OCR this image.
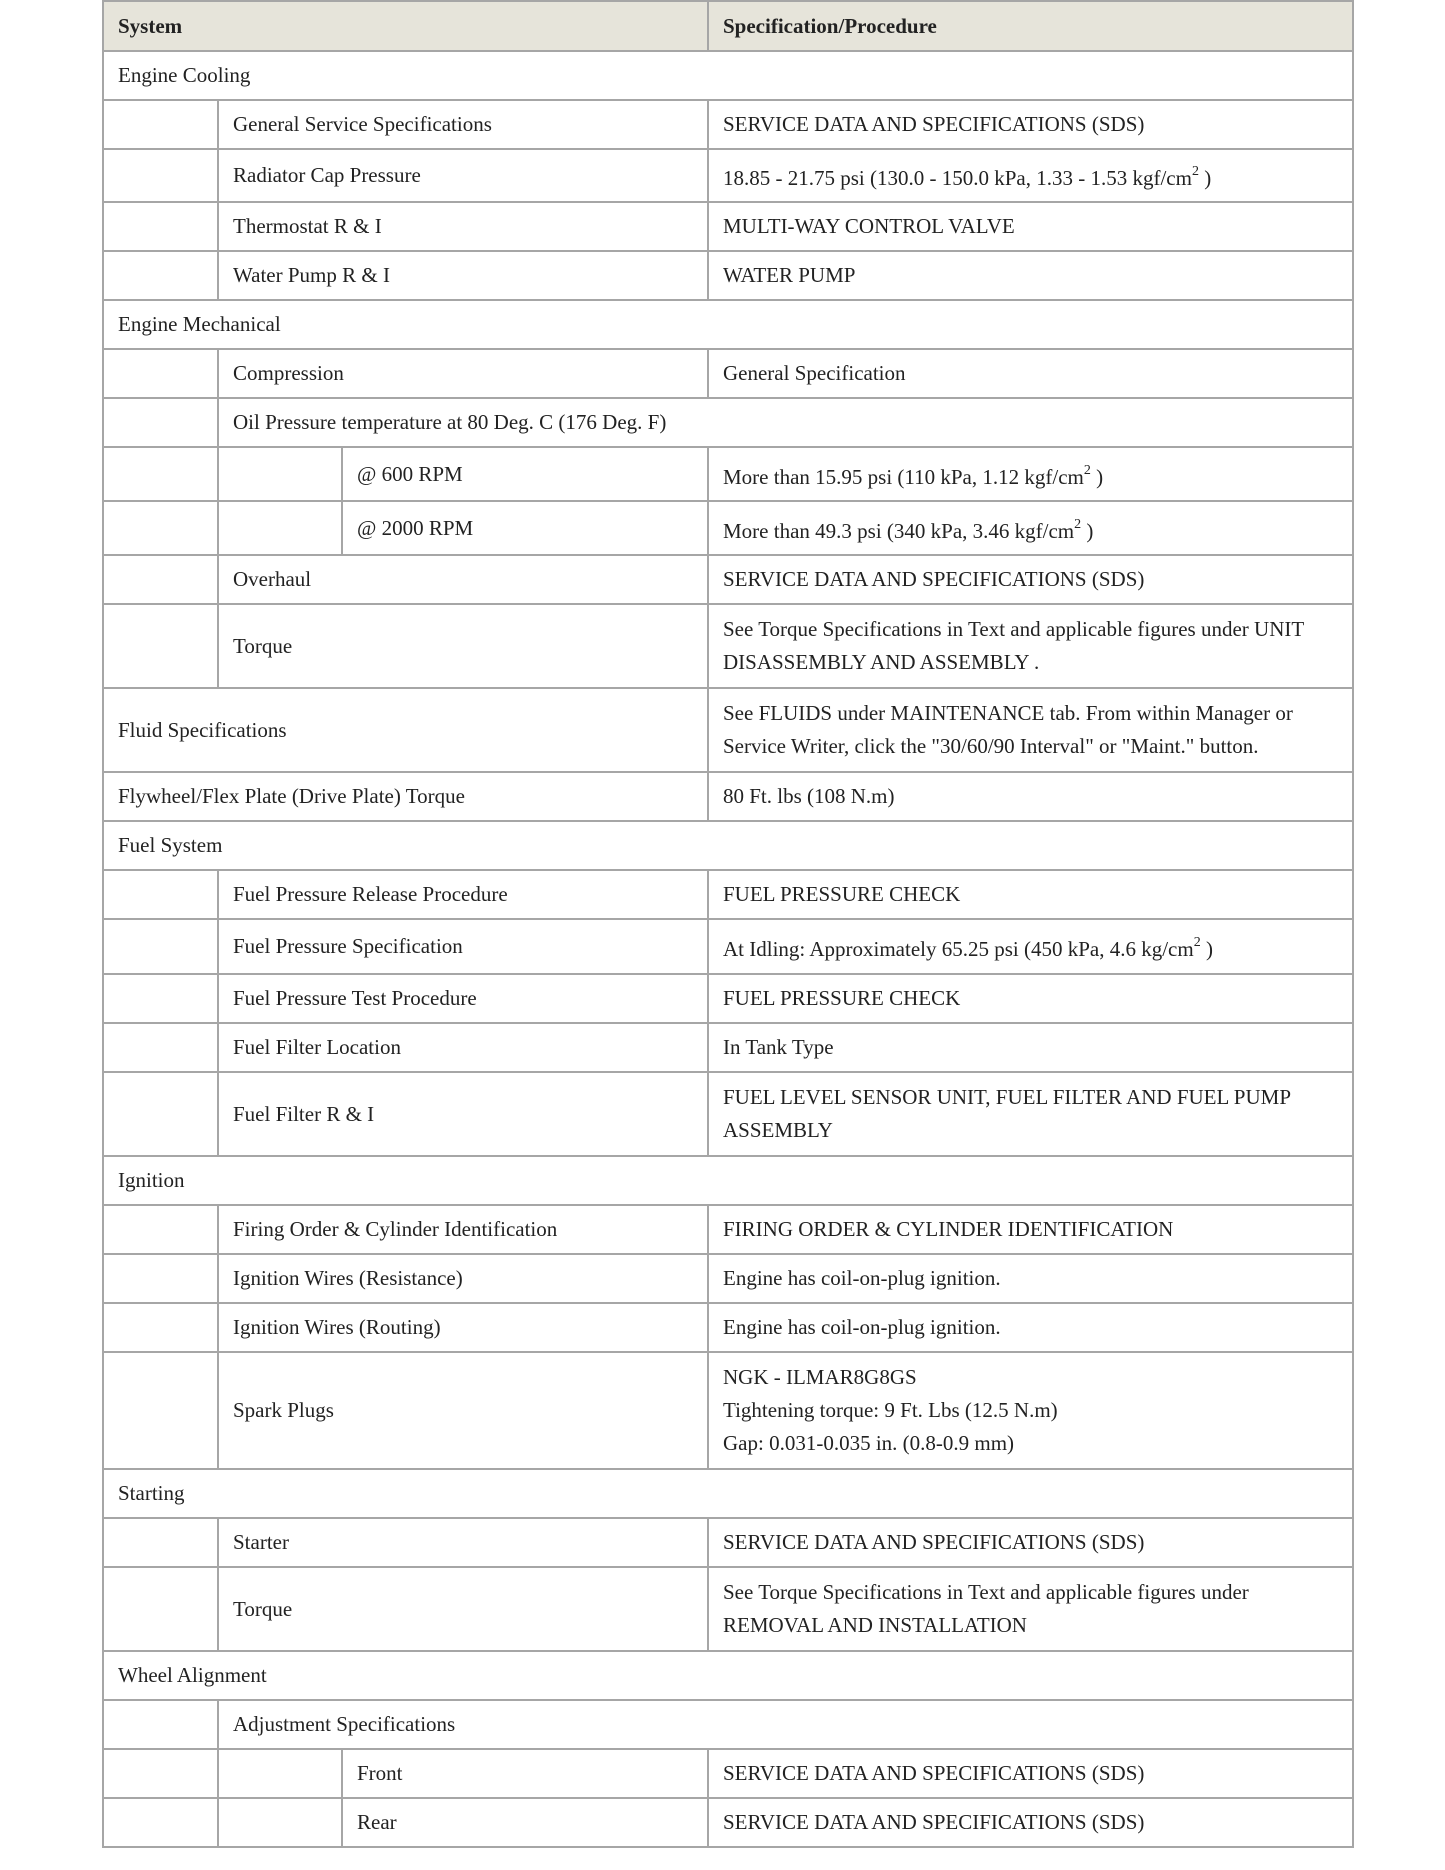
System			Specification/Procedure
Engine Cooling			
	General Service Specifications		SERVICE DATA AND SPECIFICATIONS (SDS)
	Radiator Cap Pressure		18.85 - 21.75 psi (130.0 - 150.0 kPa, 1.33 - 1.53 kgf/$cm^2$ )
	Thermostat R & I		MULTI-WAY CONTROL VALVE
	Water Pump R & I		WATER PUMP
Engine Mechanical			
	Compression		General Specification
	Oil Pressure temperature at 80 Deg. C (176 Deg. F)		
		@ 600 RPM	More than 15.95 psi (110 kPa, 1.12 kgf/$cm^2$ )
		@ 2000 RPM	More than 49.3 psi (340 kPa, 3.46 kgf/$cm^2$ )
	Overhaul		SERVICE DATA AND SPECIFICATIONS (SDS)
	Torque		See Torque Specifications in Text and applicable figures under UNIT DISASSEMBLY AND ASSEMBLY .
Fluid Specifications			See FLUIDS under MAINTENANCE tab. From within Manager or Service Writer, click the "30/60/90 Interval" or "Maint." button.
Flywheel/Flex Plate (Drive Plate) Torque			80 Ft. lbs (108 N.m)
Fuel System			
	Fuel Pressure Release Procedure		FUEL PRESSURE CHECK
	Fuel Pressure Specification		At Idling: Approximately 65.25 psi (450 kPa, 4.6 $kg/cm^2$ )
	Fuel Pressure Test Procedure		FUEL PRESSURE CHECK
	Fuel Filter Location		In Tank Type
	Fuel Filter R & I		FUEL LEVEL SENSOR UNIT, FUEL FILTER AND FUEL PUMP ASSEMBLY
Ignition			
	Firing Order & Cylinder Identification		FIRING ORDER & CYLINDER IDENTIFICATION
	Ignition Wires (Resistance)		Engine has coil-on-plug ignition.
	Ignition Wires (Routing)		Engine has coil-on-plug ignition.
	Spark Plugs		NGK - ILMAR8G8GS
Tightening torque: 9 Ft. Lbs (12.5 N.m)
Gap: 0.031-0.035 in. (0.8-0.9 mm)

Starting			
	Starter		SERVICE DATA AND SPECIFICATIONS (SDS)
	Torque		See Torque Specifications in Text and applicable figures under REMOVAL AND INSTALLATION
Wheel Alignment			
	Adjustment Specifications		
		Front	SERVICE DATA AND SPECIFICATIONS (SDS)
		Rear	SERVICE DATA AND SPECIFICATIONS (SDS)
